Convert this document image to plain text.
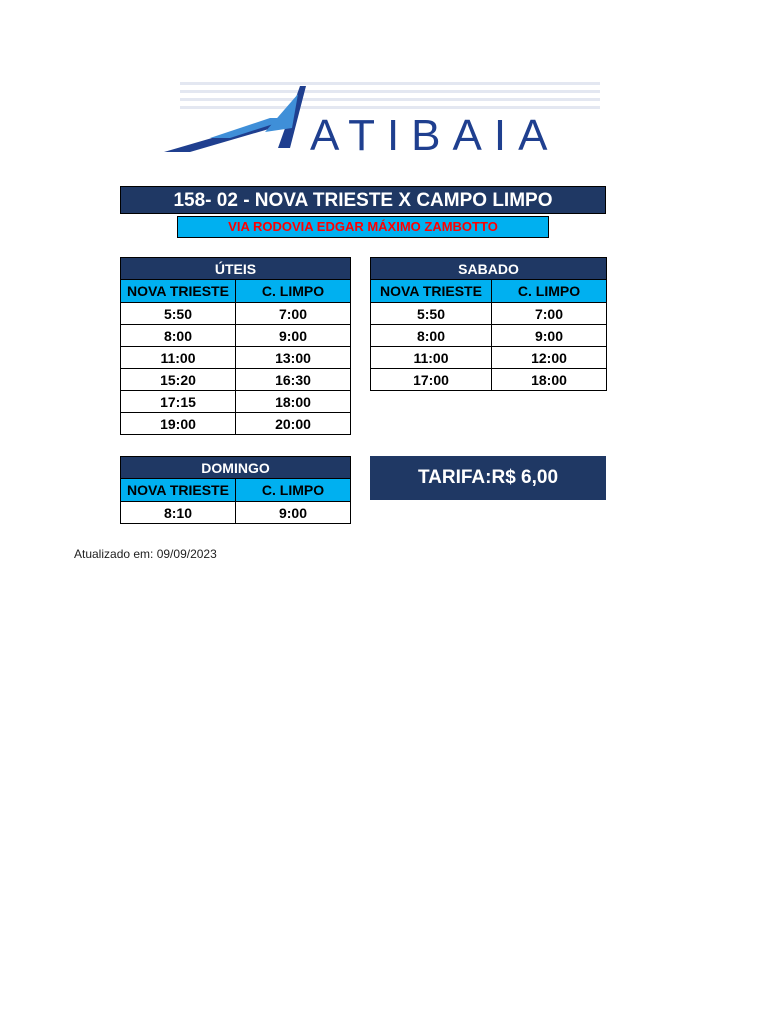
ATIBAIA
158- 02 - NOVA TRIESTE X CAMPO LIMPO
VIA RODOVIA EDGAR MÁXIMO ZAMBOTTO
ÚTEIS	
NOVA TRIESTE	C. LIMPO
5:50	7:00
8:00	9:00
11:00	13:00
15:20	16:30
17:15	18:00
19:00	20:00
SABADO	
NOVA TRIESTE	C. LIMPO
5:50	7:00
8:00	9:00
11:00	12:00
17:00	18:00
DOMINGO	
NOVA TRIESTE	C. LIMPO
8:10	9:00
TARIFA:R$ 6,00
Atualizado em: 09/09/2023
